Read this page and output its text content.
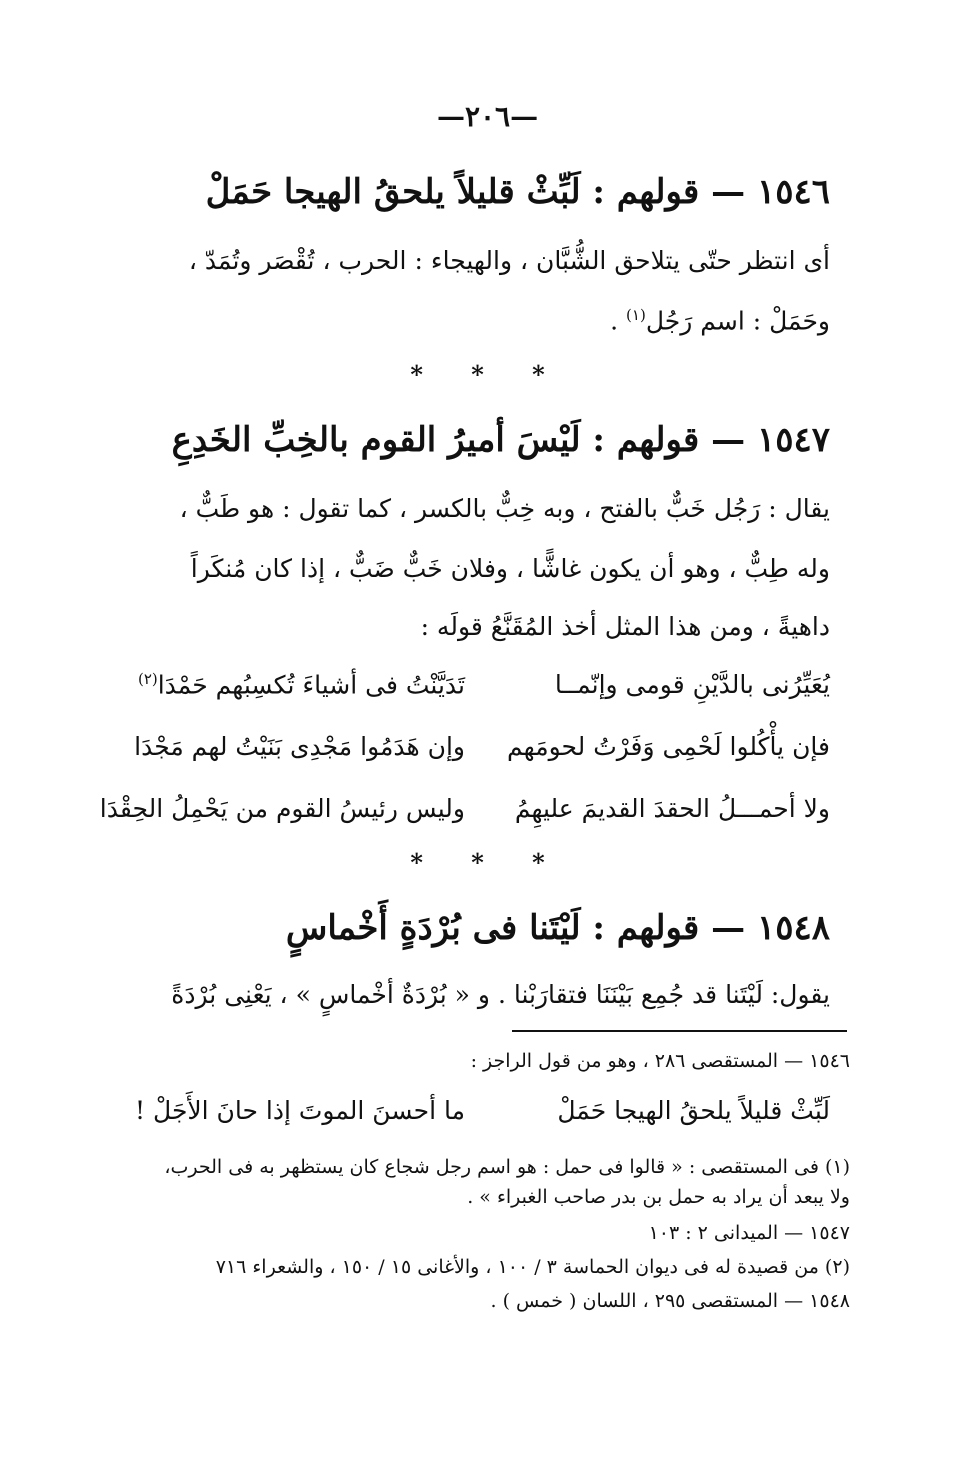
—٢٠٦—
١٥٤٦ — قولهم : لَبِّثْ قليلاً يلحقُ الهيجا حَمَلْ
أى انتظر حتّى يتلاحق الشُّبَّان ، والهيجاء : الحرب ، تُقْصَر وتُمَدّ ،
وحَمَلْ : اسم رَجُل$^{(١)}$ .
* * *
١٥٤٧ — قولهم : لَيْسَ أميرُ القوم بالخِبِّ الخَدِعِ
يقال : رَجُل خَبٌّ بالفتح ، وبه خِبٌّ بالكسر ، كما تقول : هو طَبٌّ ،
وله طِبٌّ ، وهو أن يكون غاشًّا ، وفلان خَبٌّ ضَبٌّ ، إذا كان مُنكَراً
داهيةً ، ومن هذا المثل أخذ المُقَنَّعُ قولَه :
يُعَيِّرُنى بالدَّيْنِ قومى وإنّمــا
تَدَيَّنْتُ فى أشياءَ تُكسِبُهم حَمْدَا$^{(٢)}$
فإن يأْكُلوا لَحْمِى وَفَرْتُ لحومَهم
وإن هَدَمُوا مَجْدِى بَنَيْتُ لهم مَجْدَا
ولا أحمـــلُ الحقدَ القديمَ عليهِمُ
وليس رئيسُ القوم من يَحْمِلُ الحِقْدَا
* * *
١٥٤٨ — قولهم : لَيْتَنا فى بُرْدَةٍ أَخْماسٍ
يقول: لَيْتَنا قد جُمِع بَيْنَنَا فتقارَبْنا . و « بُرْدَةٌ أخْماسٍ » ، يَعْنِى بُرْدَةً
١٥٤٦ — المستقصى ٢٨٦ ، وهو من قول الراجز :
لَبِّثْ قليلاً يلحقُ الهيجا حَمَلْ
ما أحسنَ الموتَ إذا حانَ الأَجَلْ !
(١) فى المستقصى : « قالوا فى حمل : هو اسم رجل شجاع كان يستظهر به فى الحرب،
ولا يبعد أن يراد به حمل بن بدر صاحب الغبراء » .
١٥٤٧ — الميدانى ٢ : ١٠٣
(٢) من قصيدة له فى ديوان الحماسة ٣ / ١٠٠ ، والأغانى ١٥ / ١٥٠ ، والشعراء ٧١٦
١٥٤٨ — المستقصى ٢٩٥ ، اللسان ( خمس ) .
